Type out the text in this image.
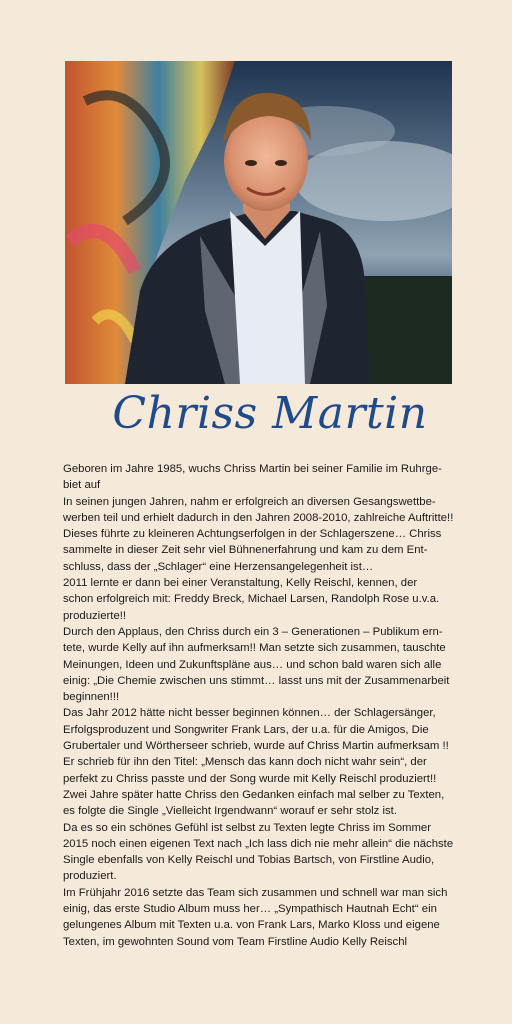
Chriss Martin
Geboren im Jahre 1985, wuchs Chriss Martin bei seiner Familie im Ruhrge-
biet auf
In seinen jungen Jahren, nahm er erfolgreich an diversen Gesangswettbe-
werben teil und erhielt dadurch in den Jahren 2008-2010, zahlreiche Auftritte!!
Dieses führte zu kleineren Achtungserfolgen in der Schlagerszene… Chriss
sammelte in dieser Zeit sehr viel Bühnenerfahrung und kam zu dem Ent-
schluss, dass der „Schlager“ eine Herzensangelegenheit ist…
2011 lernte er dann bei einer Veranstaltung, Kelly Reischl, kennen, der
schon erfolgreich mit: Freddy Breck, Michael Larsen, Randolph Rose u.v.a.
produzierte!!
Durch den Applaus, den Chriss durch ein 3 – Generationen – Publikum ern-
tete, wurde Kelly auf ihn aufmerksam!! Man setzte sich zusammen, tauschte
Meinungen, Ideen und Zukunftspläne aus… und schon bald waren sich alle
einig: „Die Chemie zwischen uns stimmt… lasst uns mit der Zusammenarbeit
beginnen!!!
Das Jahr 2012 hätte nicht besser beginnen können… der Schlagersänger,
Erfolgsproduzent und Songwriter Frank Lars, der u.a. für die Amigos, Die
Grubertaler und Wörtherseer schrieb, wurde auf Chriss Martin aufmerksam !!
Er schrieb für ihn den Titel: „Mensch das kann doch nicht wahr sein“, der
perfekt zu Chriss passte und der Song wurde mit Kelly Reischl produziert!!
Zwei Jahre später hatte Chriss den Gedanken einfach mal selber zu Texten,
es folgte die Single „Vielleicht Irgendwann“ worauf er sehr stolz ist.
Da es so ein schönes Gefühl ist selbst zu Texten legte Chriss im Sommer
2015 noch einen eigenen Text nach „Ich lass dich nie mehr allein“ die nächste
Single ebenfalls von Kelly Reischl und Tobias Bartsch, von Firstline Audio,
produziert.
Im Frühjahr 2016 setzte das Team sich zusammen und schnell war man sich
einig, das erste Studio Album muss her… „Sympathisch Hautnah Echt“ ein
gelungenes Album mit Texten u.a. von Frank Lars, Marko Kloss und eigene
Texten, im gewohnten Sound vom Team Firstline Audio Kelly Reischl
